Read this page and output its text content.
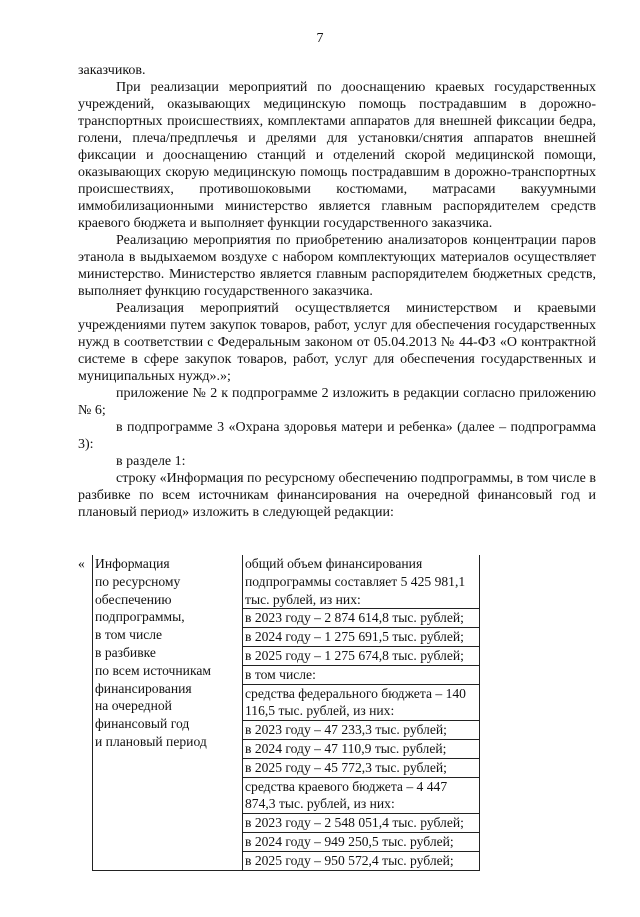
7

заказчиков.

При реализации мероприятий по дооснащению краевых государственных учреждений, оказывающих медицинскую помощь пострадавшим в дорожно-транспортных происшествиях, комплектами аппаратов для внешней фиксации бедра, голени, плеча/предплечья и дрелями для установки/снятия аппаратов внешней фиксации и дооснащению станций и отделений скорой медицинской помощи, оказывающих скорую медицинскую помощь пострадавшим в дорожно-транспортных происшествиях, противошоковыми костюмами, матрасами вакуумными иммобилизационными министерство является главным распорядителем средств краевого бюджета и выполняет функции государственного заказчика.

Реализацию мероприятия по приобретению анализаторов концентрации паров этанола в выдыхаемом воздухе с набором комплектующих материалов осуществляет министерство. Министерство является главным распорядителем бюджетных средств, выполняет функцию государственного заказчика.

Реализация мероприятий осуществляется министерством и краевыми учреждениями путем закупок товаров, работ, услуг для обеспечения государственных нужд в соответствии с Федеральным законом от 05.04.2013 № 44-ФЗ «О контрактной системе в сфере закупок товаров, работ, услуг для обеспечения государственных и муниципальных нужд».»;

приложение № 2 к подпрограмме 2 изложить в редакции согласно приложению № 6;

в подпрограмме 3 «Охрана здоровья матери и ребенка» (далее – подпрограмма 3):

в разделе 1:

строку «Информация по ресурсному обеспечению подпрограммы, в том числе в разбивке по всем источникам финансирования на очередной финансовый год и плановый период» изложить в следующей редакции:

« Информация
по ресурсному
обеспечению
подпрограммы,
в том числе
в разбивке
по всем источникам
финансирования
на очередной
финансовый год
и плановый период
общий объем финансирования подпрограммы составляет 5 425 981,1 тыс. рублей, из них:
в 2023 году – 2 874 614,8 тыс. рублей;
в 2024 году – 1 275 691,5 тыс. рублей;
в 2025 году – 1 275 674,8 тыс. рублей;
в том числе:
средства федерального бюджета – 140 116,5 тыс. рублей, из них:
в 2023 году – 47 233,3 тыс. рублей;
в 2024 году – 47 110,9 тыс. рублей;
в 2025 году – 45 772,3 тыс. рублей;
средства краевого бюджета – 4 447 874,3 тыс. рублей, из них:
в 2023 году – 2 548 051,4 тыс. рублей;
в 2024 году – 949 250,5 тыс. рублей;
в 2025 году – 950 572,4 тыс. рублей;
